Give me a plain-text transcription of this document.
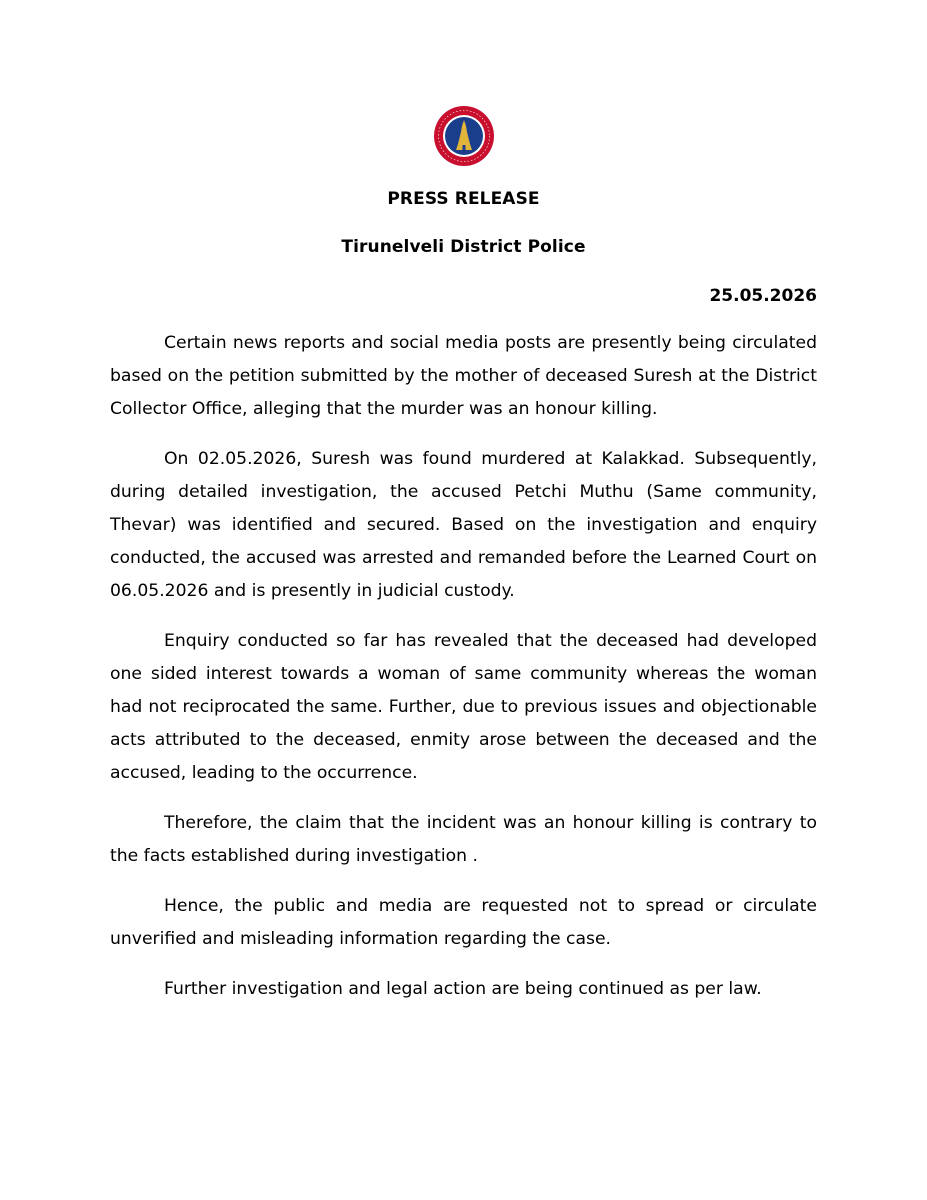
PRESS RELEASE
Tirunelveli District Police
25.05.2026

Certain news reports and social media posts are presently being circulated based on the petition submitted by the mother of deceased Suresh at the District Collector Office, alleging that the murder was an honour killing.

On 02.05.2026, Suresh was found murdered at Kalakkad. Subsequently, during detailed investigation, the accused Petchi Muthu (Same community, Thevar) was identified and secured. Based on the investigation and enquiry conducted, the accused was arrested and remanded before the Learned Court on 06.05.2026 and is presently in judicial custody.

Enquiry conducted so far has revealed that the deceased had developed one sided interest towards a woman of same community whereas the woman had not reciprocated the same. Further, due to previous issues and objectionable acts attributed to the deceased, enmity arose between the deceased and the accused, leading to the occurrence.

Therefore, the claim that the incident was an honour killing is contrary to the facts established during investigation .

Hence, the public and media are requested not to spread or circulate unverified and misleading information regarding the case.

Further investigation and legal action are being continued as per law.
